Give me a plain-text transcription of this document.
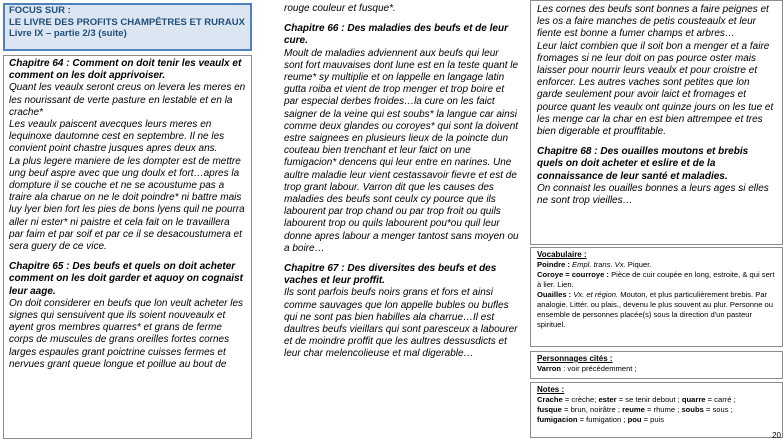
FOCUS SUR :
LE LIVRE DES PROFITS CHAMPÊTRES ET RURAUX
Livre IX – partie 2/3 (suite)
Chapitre 64 : Comment on doit tenir les veaulx et comment on les doit apprivoiser.
Quant les veaulx seront creus on levera les meres en les nourissant de verte pasture en lestable et en la crache*
Les veaulx paiscent avecques leurs meres en lequinoxe dautomne cest en septembre. Il ne les convient point chastre jusques apres deux ans.
La plus legere maniere de les dompter est de mettre ung beuf aspre avec que ung doulx et fort…apres la dompture il se couche et ne se acoustume pas a traire ala charue on ne le doit poindre* ni battre mais luy lyer bien fort les pies de bons lyens quil ne pourra aller ni ester* ni paistre et cela fait on le travaillera par faim et par soif et par ce il se desacoustumera et sera guery de ce vice.
Chapitre 65 : Des beufs et quels on doit acheter comment on les doit garder et aquoy on cognaist leur aage.
On doit considerer en beufs que lon veult acheter les signes qui sensuivent que ils soient nouveaulx et ayent gros membres quarres* et grans de ferme corps de muscules de grans oreilles fortes cornes larges espaules grant poictrine cuisses fermes et nervues grant queue longue et poillue au bout de
rouge couleur et fusque*.
Chapitre 66 : Des maladies des beufs et de leur cure.
Moult de maladies adviennent aux beufs qui leur sont fort mauvaises dont lune est en la teste quant le reume* sy multiplie et on lappelle en langage latin gutta roiba et vient de trop menger et trop boire et par especial derbes froides…la cure on les faict saigner de la veine qui est soubs* la langue car ainsi comme deux glandes ou coroyes* qui sont la doivent estre saignees en plusieurs lieux de la poincte dun couteau bien trenchant et leur faict on une fumigacion* dencens qui leur entre en narines. Une aultre maladie leur vient cestassavoir fievre et est de trop grant labour. Varron dit que les causes des maladies des beufs sont ceulx cy pource que ils labourent par trop chand ou par trop froit ou quils labourent trop ou quils labourent pou*ou quil leur donne apres labour a menger tantost sans moyen ou a boire…
Chapitre 67 : Des diversites des beufs et des vaches et leur proffit.
Ils sont parfois beufs noirs grans et fors et ainsi comme sauvages que lon appelle bubles ou bufles qui ne sont pas bien habilles ala charrue…Il est daultres beufs vieillars qui sont paresceux a labourer et de moindre proffit que les aultres dessusdicts et leur char melencolieuse et mal digerable…
Les cornes des beufs sont bonnes a faire peignes et les os a faire manches de petis cousteaulx et leur fiente est bonne a fumer champs et arbres…
Leur laict combien que il soit bon a menger et a faire fromages si ne leur doit on pas pource oster mais laisser pour nourrir leurs veaulx et pour croistre et enforcer. Les autres vaches sont petites que lon garde seulement pour avoir laict et fromages et pource quant les veaulx ont quinze jours on les tue et les menge car la char en est bien attrempee et tres bien digerable et prouffitable.
Chapitre 68 : Des ouailles moutons et brebis quels on doit acheter et eslire et de la connaissance de leur santé et maladies.
On connaist les ouailles bonnes a leurs ages si elles ne sont trop vieilles…
Vocabulaire :
Poindre : Empl. trans. Vx. Piquer.
Coroye = courroye : Pièce de cuir coupée en long, estroite, & qui sert à lier. Lien.
Ouailles : Vx. et région. Mouton, et plus particulièrement brebis. Par analogie. Littér. ou plais., devenu le plus souvent au plur. Personne ou ensemble de personnes placée(s) sous la direction d'un pasteur spirituel.
Personnages cités :
Varron : voir précédemment ;
Notes :
Crache = crèche; ester = se tenir debout ; quarre = carré ;
fusque = brun, noirâtre ; reume = rhume ; soubs = sous ;
fumigacion = fumigation ; pou = puis
20
